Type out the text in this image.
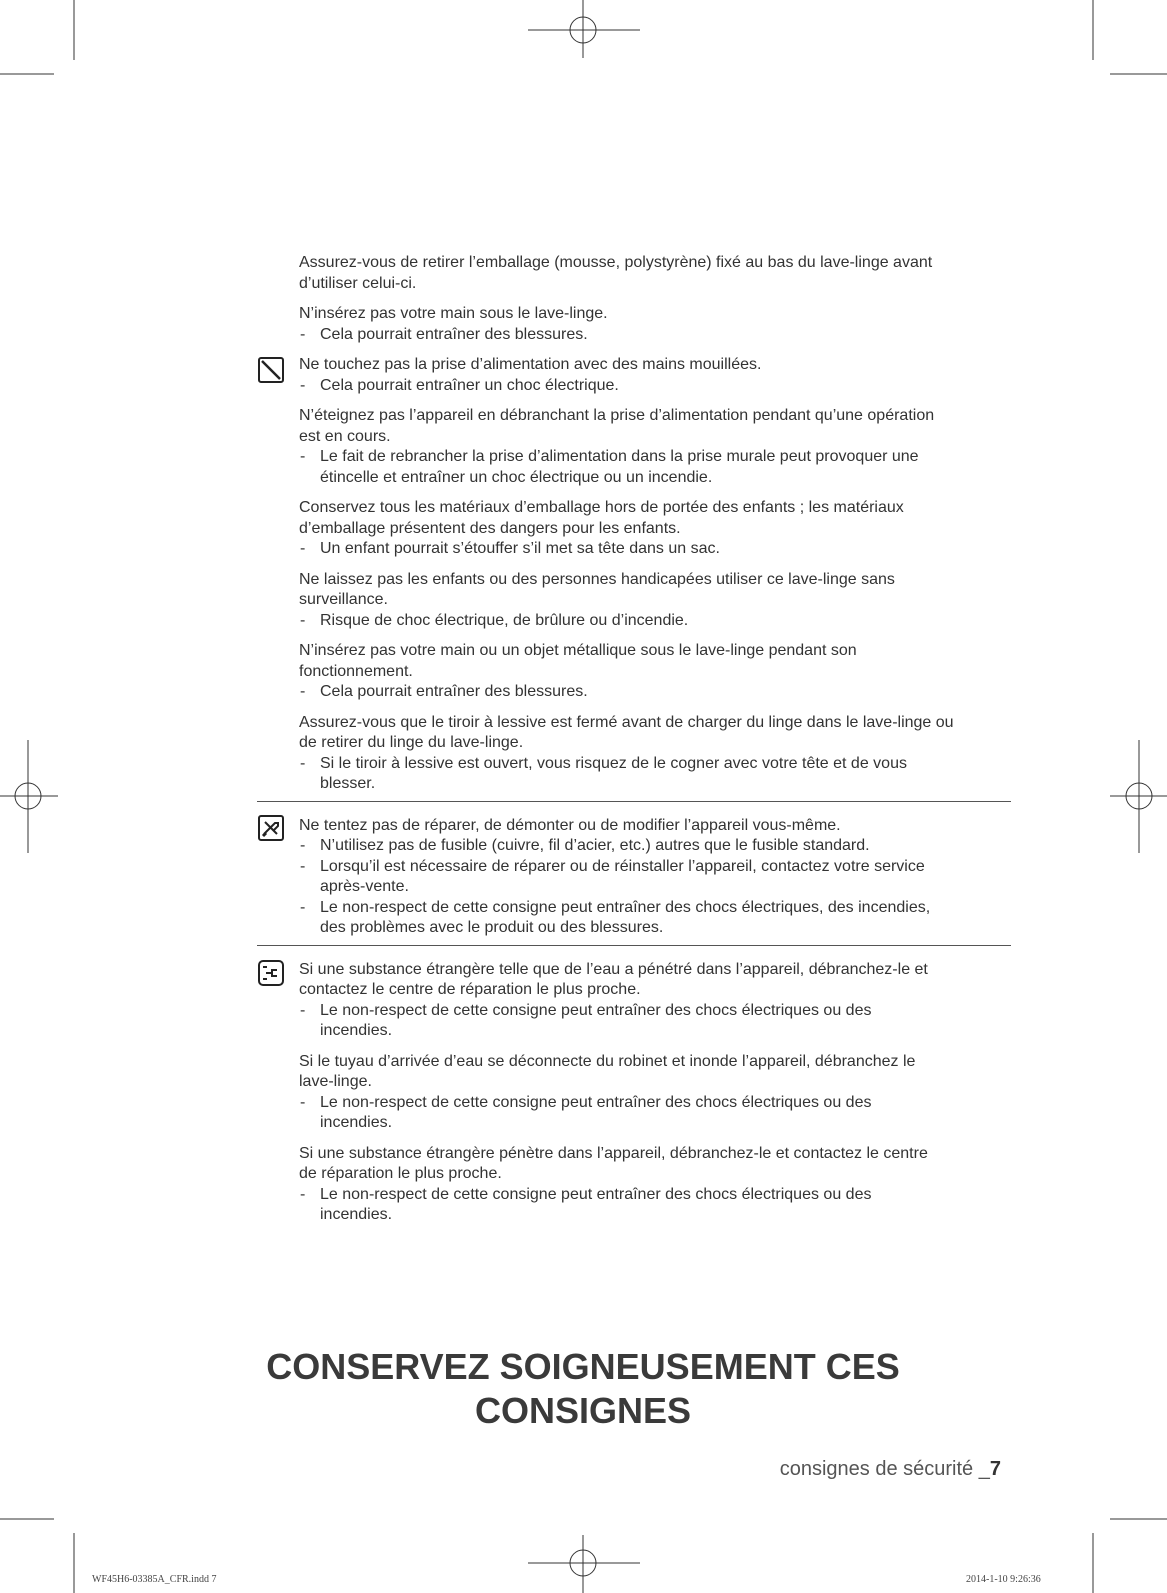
Assurez-vous de retirer l’emballage (mousse, polystyrène) fixé au bas du lave-linge avant
d’utiliser celui-ci.
N’insérez pas votre main sous le lave-linge.
- Cela pourrait entraîner des blessures.
Ne touchez pas la prise d’alimentation avec des mains mouillées.
- Cela pourrait entraîner un choc électrique.
N’éteignez pas l’appareil en débranchant la prise d’alimentation pendant qu’une opération
est en cours.
- Le fait de rebrancher la prise d’alimentation dans la prise murale peut provoquer une
étincelle et entraîner un choc électrique ou un incendie.
Conservez tous les matériaux d’emballage hors de portée des enfants ; les matériaux
d’emballage présentent des dangers pour les enfants.
- Un enfant pourrait s’étouffer s’il met sa tête dans un sac.
Ne laissez pas les enfants ou des personnes handicapées utiliser ce lave-linge sans
surveillance.
- Risque de choc électrique, de brûlure ou d’incendie.
N’insérez pas votre main ou un objet métallique sous le lave-linge pendant son
fonctionnement.
- Cela pourrait entraîner des blessures.
Assurez-vous que le tiroir à lessive est fermé avant de charger du linge dans le lave-linge ou
de retirer du linge du lave-linge.
- Si le tiroir à lessive est ouvert, vous risquez de le cogner avec votre tête et de vous
blesser.
Ne tentez pas de réparer, de démonter ou de modifier l’appareil vous-même.
- N’utilisez pas de fusible (cuivre, fil d’acier, etc.) autres que le fusible standard.
- Lorsqu’il est nécessaire de réparer ou de réinstaller l’appareil, contactez votre service
après-vente.
- Le non-respect de cette consigne peut entraîner des chocs électriques, des incendies,
des problèmes avec le produit ou des blessures.
Si une substance étrangère telle que de l’eau a pénétré dans l’appareil, débranchez-le et
contactez le centre de réparation le plus proche.
- Le non-respect de cette consigne peut entraîner des chocs électriques ou des
incendies.
Si le tuyau d’arrivée d’eau se déconnecte du robinet et inonde l’appareil, débranchez le
lave-linge.
- Le non-respect de cette consigne peut entraîner des chocs électriques ou des
incendies.
Si une substance étrangère pénètre dans l’appareil, débranchez-le et contactez le centre
de réparation le plus proche.
- Le non-respect de cette consigne peut entraîner des chocs électriques ou des
incendies.
CONSERVEZ SOIGNEUSEMENT CES
CONSIGNES
consignes de sécurité _7
WF45H6-03385A_CFR.indd 7	2014-1-10 9:26:36
